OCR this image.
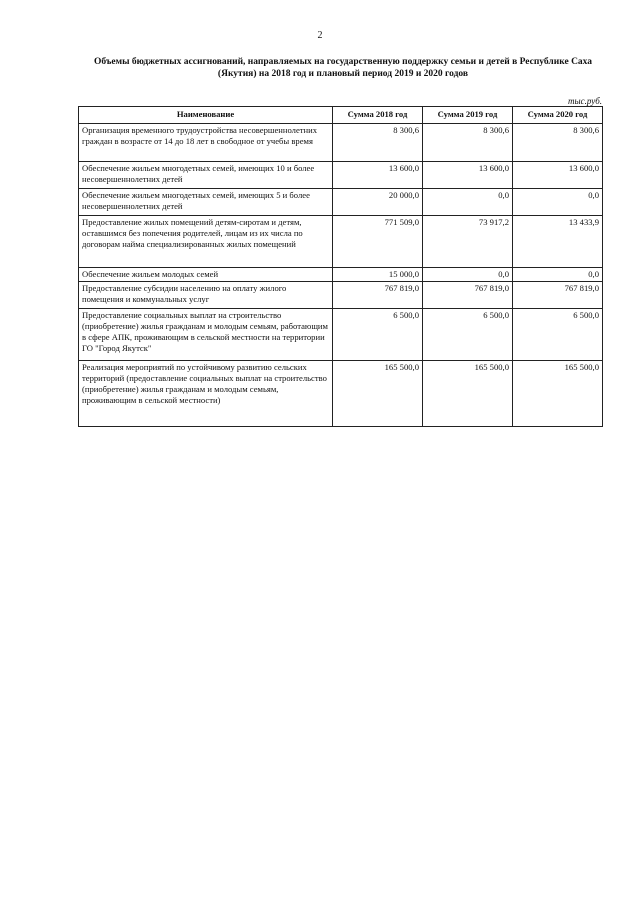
2
Объемы бюджетных ассигнований, направляемых на государственную поддержку семьи и детей в Республике Саха (Якутия) на 2018 год и плановый период 2019 и 2020 годов
тыс.руб.
Наименование	Сумма 2018 год	Сумма 2019 год	Сумма 2020 год
Организация временного трудоустройства несовершеннолетних граждан в возрасте от 14 до 18 лет в свободное от учебы время	8 300,6	8 300,6	8 300,6
Обеспечение жильем многодетных семей, имеющих 10 и более несовершеннолетних детей	13 600,0	13 600,0	13 600,0
Обеспечение жильем многодетных семей, имеющих 5 и более несовершеннолетних детей	20 000,0	0,0	0,0
Предоставление жилых помещений детям-сиротам и детям, оставшимся без попечения родителей, лицам из их числа по договорам найма специализированных жилых помещений	771 509,0	73 917,2	13 433,9
Обеспечение жильем молодых семей	15 000,0	0,0	0,0
Предоставление субсидии населению на оплату жилого помещения и коммунальных услуг	767 819,0	767 819,0	767 819,0
Предоставление социальных выплат на строительство (приобретение) жилья гражданам и молодым семьям, работающим в сфере АПК, проживающим в сельской местности на территории ГО "Город Якутск"	6 500,0	6 500,0	6 500,0
Реализация мероприятий по устойчивому развитию сельских территорий (предоставление социальных выплат на строительство (приобретение) жилья гражданам и молодым семьям, проживающим в сельской местности)	165 500,0	165 500,0	165 500,0
